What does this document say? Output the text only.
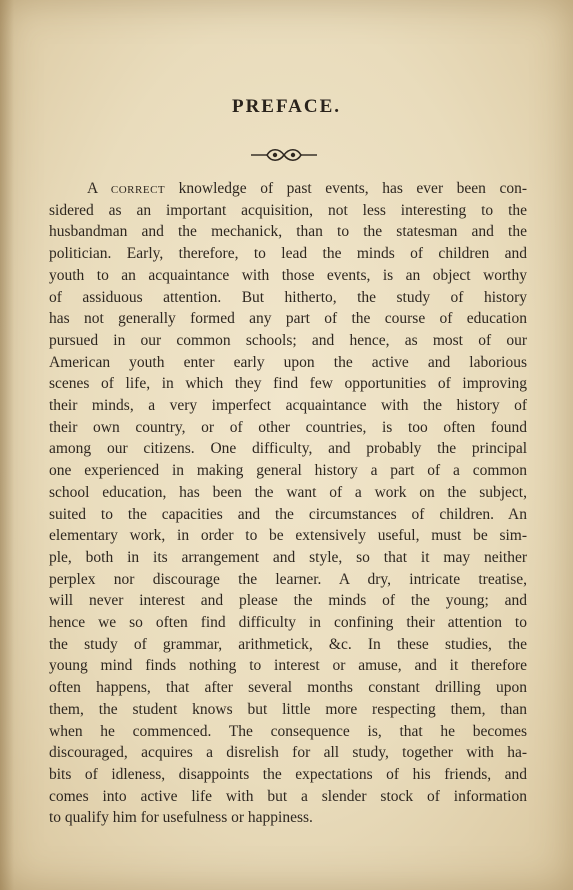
PREFACE.
A correct knowledge of past events, has ever been con-
sidered as an important acquisition, not less interesting to the
husbandman and the mechanick, than to the statesman and the
politician. Early, therefore, to lead the minds of children and
youth to an acquaintance with those events, is an object worthy
of assiduous attention. But hitherto, the study of history
has not generally formed any part of the course of education
pursued in our common schools; and hence, as most of our
American youth enter early upon the active and laborious
scenes of life, in which they find few opportunities of improving
their minds, a very imperfect acquaintance with the history of
their own country, or of other countries, is too often found
among our citizens. One difficulty, and probably the principal
one experienced in making general history a part of a common
school education, has been the want of a work on the subject,
suited to the capacities and the circumstances of children. An
elementary work, in order to be extensively useful, must be sim-
ple, both in its arrangement and style, so that it may neither
perplex nor discourage the learner. A dry, intricate treatise,
will never interest and please the minds of the young; and
hence we so often find difficulty in confining their attention to
the study of grammar, arithmetick, &c. In these studies, the
young mind finds nothing to interest or amuse, and it therefore
often happens, that after several months constant drilling upon
them, the student knows but little more respecting them, than
when he commenced. The consequence is, that he becomes
discouraged, acquires a disrelish for all study, together with ha-
bits of idleness, disappoints the expectations of his friends, and
comes into active life with but a slender stock of information
to qualify him for usefulness or happiness.
